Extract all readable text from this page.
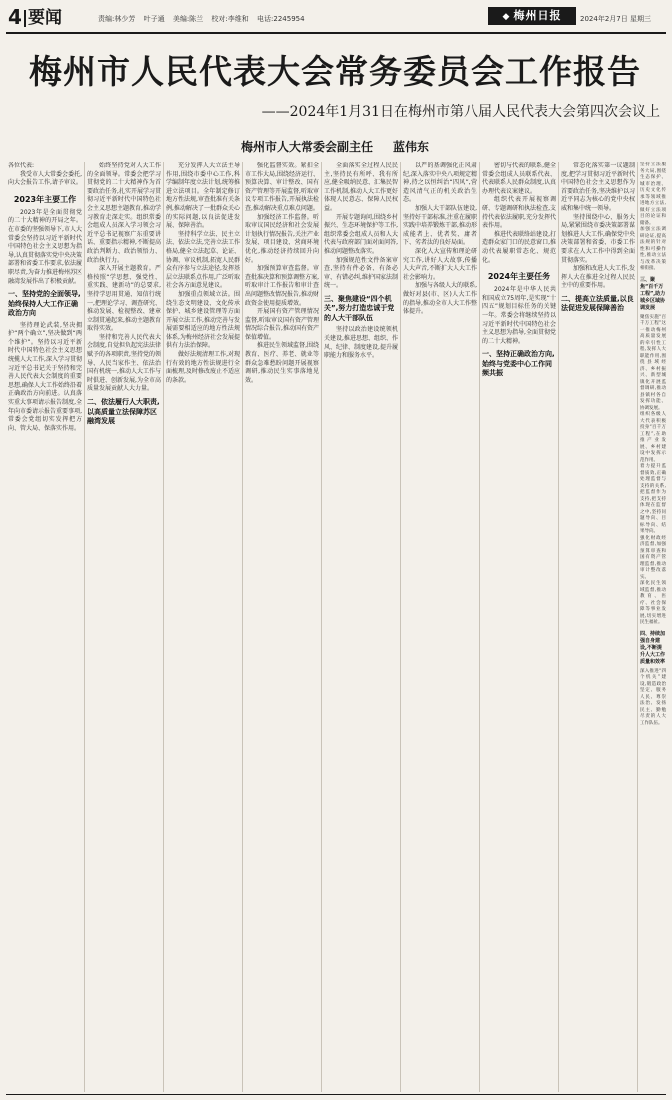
4 要闻	责编:林少芳 叶子通 美编:陈兰 校对:李维和 电话:2245954	◆ 梅州日报	2024年2月7日 星期三
梅州市人民代表大会常务委员会工作报告
——2024年1月31日在梅州市第八届人民代表大会第四次会议上
梅州市人大常委会副主任 蓝伟东

各位代表:

我受市人大常委会委托,向大会报告工作,请予审议。

2023年主要工作

2023年是全面贯彻党的二十大精神的开局之年。在市委的坚强领导下,市人大常委会坚持以习近平新时代中国特色社会主义思想为指导,认真贯彻落实党中央决策部署和省委工作要求,依法履职尽责,为奋力推进梅州苏区融湾发展作出了积极贡献。

一、坚持党的全面领导,始终保持人大工作正确政治方向

坚持理论武装,坚决拥护“两个确立”,坚决做到“两个维护”。坚持以习近平新时代中国特色社会主义思想统揽人大工作,深入学习贯彻习近平总书记关于坚持和完善人民代表大会制度的重要思想,确保人大工作始终沿着正确政治方向前进。认真落实重大事项请示报告制度,全年向市委请示报告重要事项,常委会党组切实发挥把方向、管大局、保落实作用。

始终坚持党对人大工作的全面领导。常委会把学习贯彻党的二十大精神作为首要政治任务,扎实开展学习贯彻习近平新时代中国特色社会主义思想主题教育,推动学习教育走深走实。组织常委会组成人员深入学习领会习近平总书记视察广东重要讲话、重要指示精神,不断提高政治判断力、政治领悟力、政治执行力。

深入开展主题教育。严格按照“学思想、强党性、重实践、建新功”的总要求,坚持学思用贯通、知信行统一,把理论学习、调查研究、推动发展、检视整改、建章立制贯通起来,推动主题教育取得实效。

坚持和完善人民代表大会制度,自觉担负起宪法法律赋予的各项职责,坚持党的领导、人民当家作主、依法治国有机统一,推动人大工作与时俱进、创新发展,为全市高质量发展贡献人大力量。

二、依法履行人大职责,以高质量立法保障苏区融湾发展

充分发挥人大立法主导作用,围绕市委中心工作,科学编制年度立法计划,统筹推进立法项目。全年制定修订地方性法规,审查批准有关条例,推动解决了一批群众关心的实际问题,以良法促进发展、保障善治。

坚持科学立法、民主立法、依法立法,完善立法工作格局,健全立法起草、论证、协调、审议机制,拓宽人民群众有序参与立法途径,发挥基层立法联系点作用,广泛听取社会各方面意见建议。

加强重点领域立法。围绕生态文明建设、文化传承保护、城乡建设管理等方面开展立法工作,推动完善与发展需要相适应的地方性法规体系,为梅州经济社会发展提供有力法治保障。

做好法规清理工作,对现行有效的地方性法规进行全面梳理,及时修改废止不适应的条款。

强化监督实效。紧扣全市工作大局,围绕经济运行、预算决算、审计整改、国有资产管理等开展监督,听取审议专项工作报告,开展执法检查,推动解决重点难点问题。

加强经济工作监督。听取审议国民经济和社会发展计划执行情况报告,关注产业发展、项目建设、营商环境优化,推动经济持续回升向好。

加强预算审查监督。审查批准决算和预算调整方案,听取审计工作报告和审计查出问题整改情况报告,推动财政资金使用提质增效。

开展国有资产管理情况监督,听取审议国有资产管理情况综合报告,推动国有资产保值增值。

推进民生领域监督,围绕教育、医疗、养老、就业等群众急难愁盼问题开展视察调研,推动民生实事落地见效。

全面落实全过程人民民主,坚持民有所呼、我有所应,健全吸纳民意、汇集民智工作机制,推动人大工作更好体现人民意志、保障人民权益。

开展专题询问,围绕乡村振兴、生态环境保护等工作,组织常委会组成人员和人大代表与政府部门面对面问答,推动问题整改落实。

加强规范性文件备案审查,坚持有件必备、有备必审、有错必纠,维护国家法制统一。

三、聚焦建设“四个机关”,努力打造忠诚于党的人大干部队伍

坚持以政治建设统领机关建设,推进思想、组织、作风、纪律、制度建设,提升履职能力和服务水平。

以严的基调强化正风肃纪,深入落实中央八项规定精神,持之以恒纠治“四风”,营造风清气正的机关政治生态。

加强人大干部队伍建设,坚持好干部标准,注重在履职实践中培养锻炼干部,推动形成能者上、优者奖、庸者下、劣者汰的良好局面。

深化人大宣传和理论研究工作,讲好人大故事,传播人大声音,不断扩大人大工作社会影响力。

加强与各级人大的联系,做好对县(市、区)人大工作的指导,推动全市人大工作整体提升。

密切与代表的联系,健全常委会组成人员联系代表、代表联系人民群众制度,认真办理代表议案建议。

组织代表开展视察调研、专题调研和执法检查,支持代表依法履职,充分发挥代表作用。

推进代表联络站建设,打造群众家门口的民意窗口,推动代表履职常态化、规范化。

2024年主要任务

2024年是中华人民共和国成立75周年,是实现“十四五”规划目标任务的关键一年。常委会将继续坚持以习近平新时代中国特色社会主义思想为指导,全面贯彻党的二十大精神。

一、坚持正确政治方向,始终与党委中心工作同频共振

常态化落实第一议题制度,把学习贯彻习近平新时代中国特色社会主义思想作为首要政治任务,坚决维护以习近平同志为核心的党中央权威和集中统一领导。

坚持围绕中心、服务大局,紧紧围绕市委决策部署谋划推进人大工作,确保党中央决策部署和省委、市委工作要求在人大工作中得到全面贯彻落实。

加强和改进人大工作,发挥人大在推进全过程人民民主中的重要作用。

二、提高立法质量,以良法促进发展保障善治

坚持立法服务大局,围绕生态保护、城市治理、历史文化传承等领域推进地方立法,做好立法项目的论证和储备。

加强立法调研论证,提高法规的针对性和可操作性,推动立法与改革决策相衔接。

三、聚焦“百千万工程”,助力城乡区域协调发展

聚焦实施“百千万工程”这一推动梅州高质量发展的牵引性工程,发挥人大职能作用,围绕县域经济、乡村振兴、新型城镇化开展监督调研,推动县镇村各自发挥功能、协调发展。

组织各级人大代表积极投身“百千万工程”,在助推产业发展、乡村建设中发挥示范作用。

着力提升监督质效,正确处理监督与支持的关系,把监督作为支持,把支持体现在监督之中,坚持问题导向、目标导向、结果导向。

强化财政经济监督,加强预算审查和国有资产管理监督,推动审计整改落实。

深化民生领域监督,推动教育、医疗、社会保障等事业发展,切实增进民生福祉。

四、持续加强自身建设,不断提升人大工作质量和效率

深入推进“四个机关”建设,锻造政治坚定、服务人民、尊崇法治、发扬民主、勤勉尽责的人大工作队伍。
